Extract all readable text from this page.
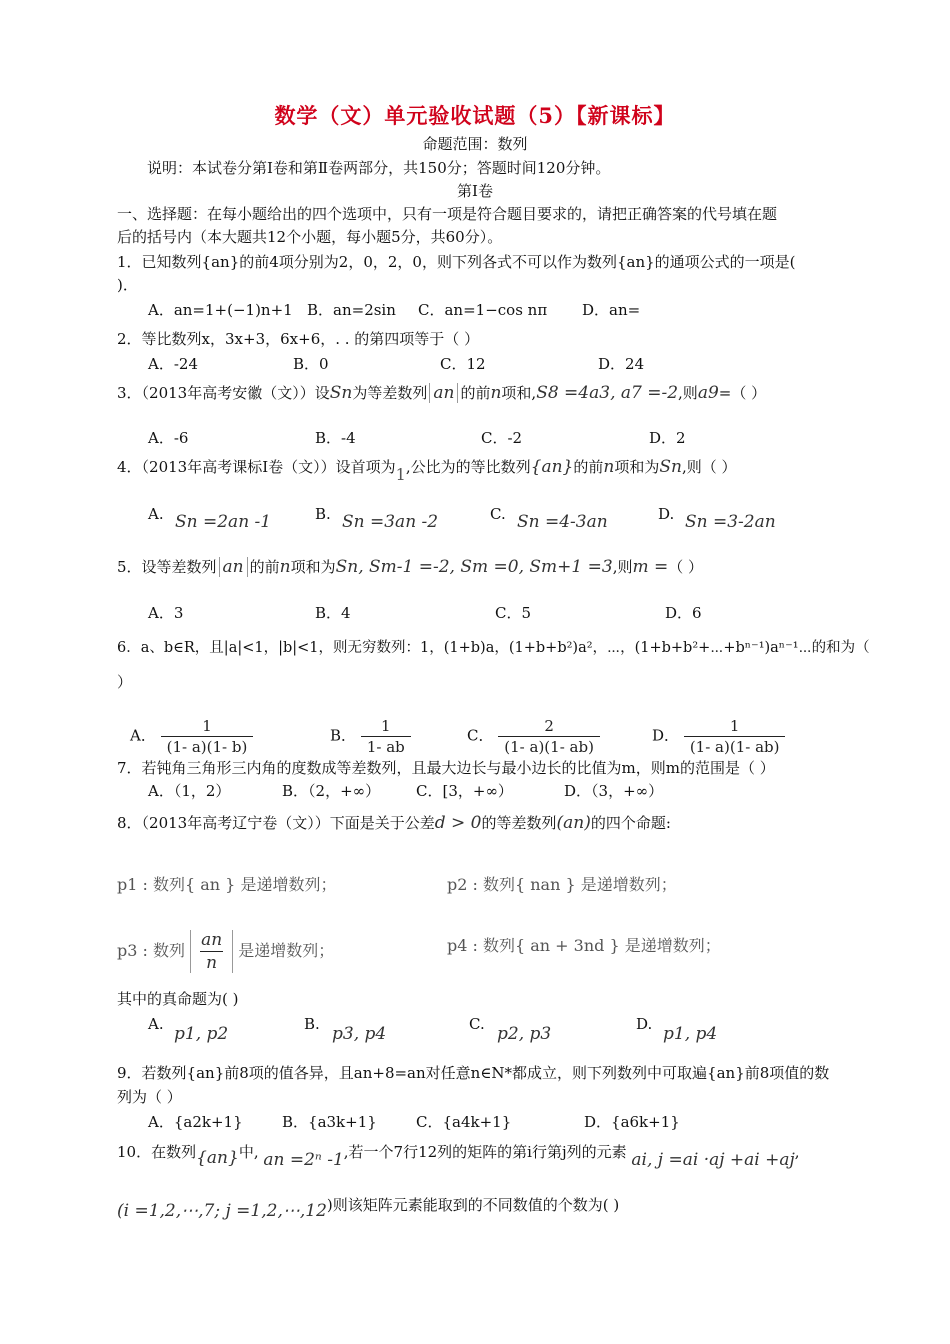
数学（文）单元验收试题（5）【新课标】
命题范围：数列
说明：本试卷分第Ⅰ卷和第Ⅱ卷两部分，共150分；答题时间120分钟。
第Ⅰ卷
一、选择题：在每小题给出的四个选项中，只有一项是符合题目要求的，请把正确答案的代号填在题
后的括号内（本大题共12个小题，每小题5分，共60分）。
1．已知数列{an}的前4项分别为2，0，2，0，则下列各式不可以作为数列{an}的通项公式的一项是(
)．
A．an=1+(−1)n+1 B．an=2sin C．an=1−cos nπ D．an=
2．等比数列x，3x+3，6x+6，. . 的第四项等于（ ）
A．-24	B．0	C．12	D．24
3．（2013年高考安徽（文））设Sn为等差数列 an 的前n项和,S8 =4a3, a7 =-2,则a9=（ ）
A．-6	B．-4	C．-2	D．2
4．（2013年高考课标Ⅰ卷（文））设首项为1,公比为的等比数列{an}的前n项和为Sn,则（ ）
A. Sn =2an -1	B. Sn =3an -2	C. Sn =4-3an	D. Sn =3-2an
5．设等差数列 an 的前n项和为Sn, Sm-1 =-2, Sm =0, Sm+1 =3,则m =（ ）
A．3	B．4	C．5	D．6
6．a、b∈R，且|a|<1，|b|<1，则无穷数列：1，(1+b)a，(1+b+b²)a²，⋯，(1+b+b²+⋯+bⁿ⁻¹)aⁿ⁻¹⋯的和为（
）
A． $\frac{1}{(1- a)(1- b)}$	B． $\frac{1}{1- ab}$	C． $\frac{2}{(1- a)(1- ab)}$	D． $\frac{1}{(1- a)(1- ab)}$
7．若钝角三角形三内角的度数成等差数列，且最大边长与最小边长的比值为m，则m的范围是（ ）
A．（1，2）	B．（2，+∞） C．[3，+∞）	D．（3，+∞）
8．（2013年高考辽宁卷（文））下面是关于公差d > 0的等差数列(an)的四个命题:
p1 : 数列{ an } 是递增数列；	p2 : 数列{ nan } 是递增数列；
p3 : 数列 $\frac{an}{n}$ 是递增数列；	p4 : 数列{ an + 3nd } 是递增数列；
其中的真命题为( )
A. p1, p2	B. p3, p4	C. p2, p3	D. p1, p4
9．若数列{an}前8项的值各异，且an+8=an对任意n∈N*都成立，则下列数列中可取遍{an}前8项值的数
列为（ ）
A．{a2k+1}	B．{a3k+1}	C．{a4k+1}	D．{a6k+1}
10．在数列{an}中, an =2ⁿ -1,若一个7行12列的矩阵的第i行第j列的元素 ai, j =ai ·aj +ai +aj,
(i =1,2,⋯,7; j =1,2,⋯,12)则该矩阵元素能取到的不同数值的个数为( )
